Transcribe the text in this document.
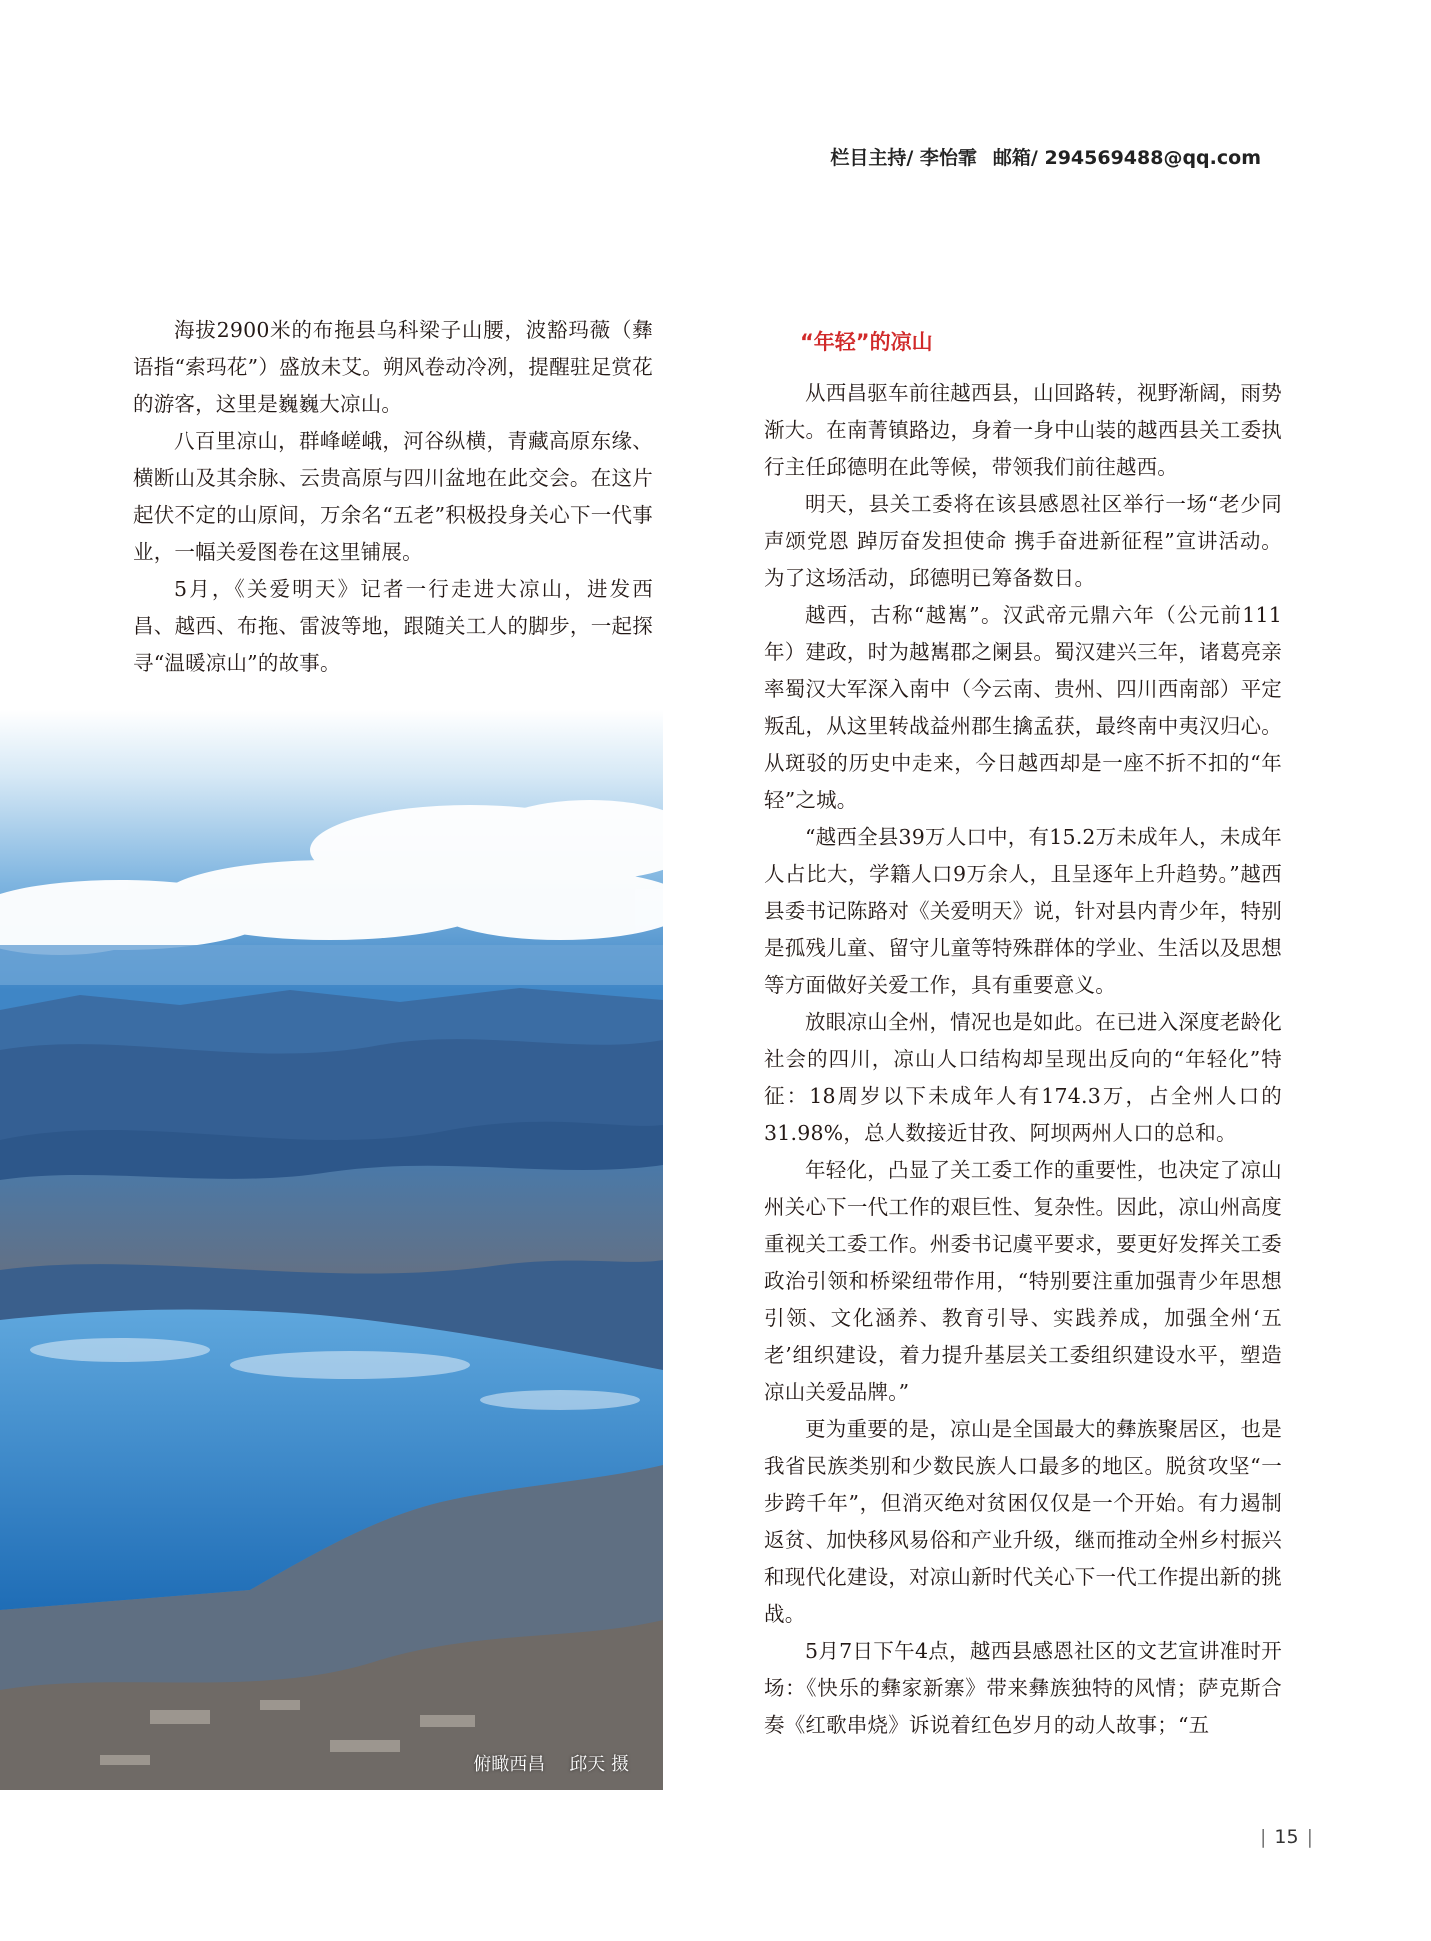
栏目主持/ 李怡霏 邮箱/ 294569488@qq.com

海拔2900米的布拖县乌科梁子山腰，波豁玛薇（彝语指“索玛花”）盛放未艾。朔风卷动冷冽，提醒驻足赏花的游客，这里是巍巍大凉山。

八百里凉山，群峰嵯峨，河谷纵横，青藏高原东缘、横断山及其余脉、云贵高原与四川盆地在此交会。在这片起伏不定的山原间，万余名“五老”积极投身关心下一代事业，一幅关爱图卷在这里铺展。

5月，《关爱明天》记者一行走进大凉山，进发西昌、越西、布拖、雷波等地，跟随关工人的脚步，一起探寻“温暖凉山”的故事。

俯瞰西昌 邱天 摄
“年轻”的凉山

从西昌驱车前往越西县，山回路转，视野渐阔，雨势渐大。在南菁镇路边，身着一身中山装的越西县关工委执行主任邱德明在此等候，带领我们前往越西。

明天，县关工委将在该县感恩社区举行一场“老少同声颂党恩 踔厉奋发担使命 携手奋进新征程”宣讲活动。为了这场活动，邱德明已筹备数日。

越西，古称“越嶲”。汉武帝元鼎六年（公元前111年）建政，时为越嶲郡之阑县。蜀汉建兴三年，诸葛亮亲率蜀汉大军深入南中（今云南、贵州、四川西南部）平定叛乱，从这里转战益州郡生擒孟获，最终南中夷汉归心。从斑驳的历史中走来，今日越西却是一座不折不扣的“年轻”之城。

“越西全县39万人口中，有15.2万未成年人，未成年人占比大，学籍人口9万余人，且呈逐年上升趋势。”越西县委书记陈路对《关爱明天》说，针对县内青少年，特别是孤残儿童、留守儿童等特殊群体的学业、生活以及思想等方面做好关爱工作，具有重要意义。

放眼凉山全州，情况也是如此。在已进入深度老龄化社会的四川，凉山人口结构却呈现出反向的“年轻化”特征：18周岁以下未成年人有174.3万，占全州人口的31.98%，总人数接近甘孜、阿坝两州人口的总和。

年轻化，凸显了关工委工作的重要性，也决定了凉山州关心下一代工作的艰巨性、复杂性。因此，凉山州高度重视关工委工作。州委书记虞平要求，要更好发挥关工委政治引领和桥梁纽带作用，“特别要注重加强青少年思想引领、文化涵养、教育引导、实践养成，加强全州‘五老’组织建设，着力提升基层关工委组织建设水平，塑造凉山关爱品牌。”

更为重要的是，凉山是全国最大的彝族聚居区，也是我省民族类别和少数民族人口最多的地区。脱贫攻坚“一步跨千年”，但消灭绝对贫困仅仅是一个开始。有力遏制返贫、加快移风易俗和产业升级，继而推动全州乡村振兴和现代化建设，对凉山新时代关心下一代工作提出新的挑战。

5月7日下午4点，越西县感恩社区的文艺宣讲准时开场：《快乐的彝家新寨》带来彝族独特的风情；萨克斯合奏《红歌串烧》诉说着红色岁月的动人故事；“五

| 15 |
